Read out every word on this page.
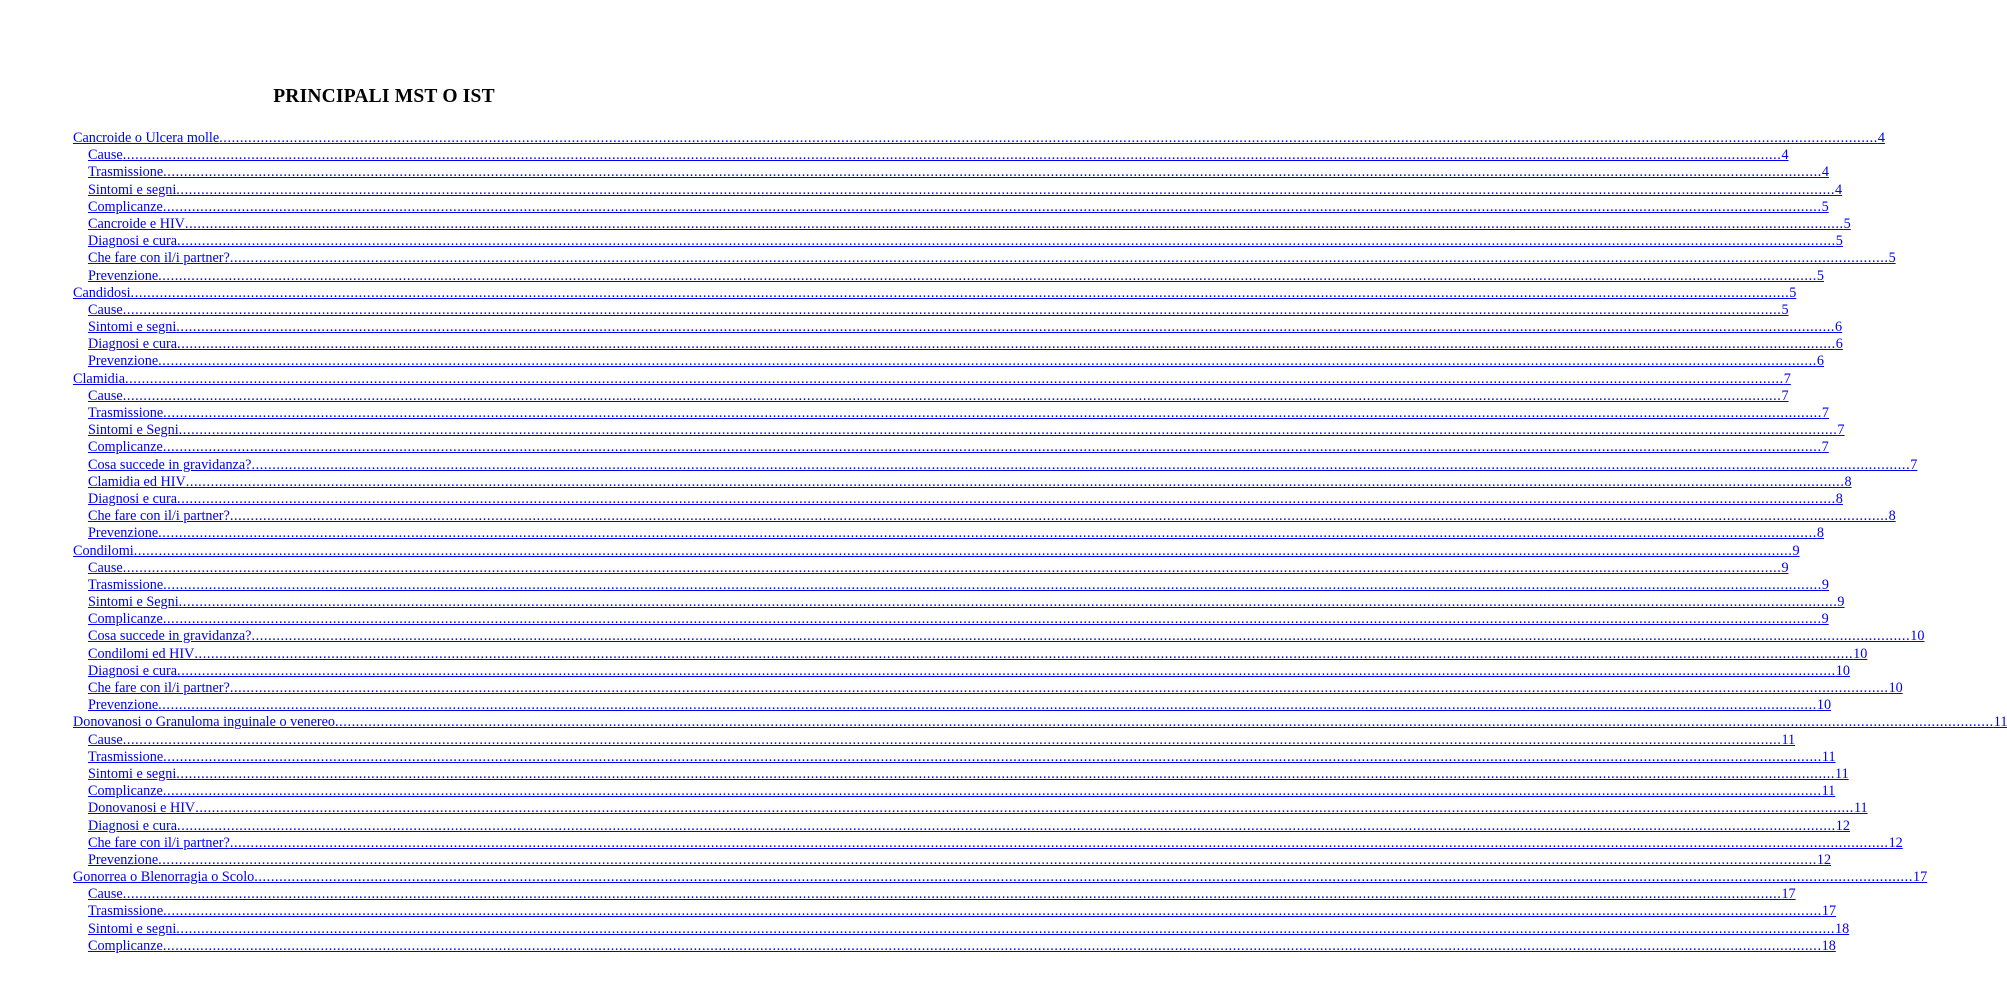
PRINCIPALI MST O IST
Cancroide o Ulcera molle ................................................................................................................................................................................................................................................................................................................................................................................................................ 4
Cause ................................................................................................................................................................................................................................................................................................................................................................................................................ 4
Trasmissione ................................................................................................................................................................................................................................................................................................................................................................................................................ 4
Sintomi e segni ................................................................................................................................................................................................................................................................................................................................................................................................................ 4
Complicanze ................................................................................................................................................................................................................................................................................................................................................................................................................ 5
Cancroide e HIV ................................................................................................................................................................................................................................................................................................................................................................................................................ 5
Diagnosi e cura ................................................................................................................................................................................................................................................................................................................................................................................................................ 5
Che fare con il/i partner? ................................................................................................................................................................................................................................................................................................................................................................................................................ 5
Prevenzione ................................................................................................................................................................................................................................................................................................................................................................................................................ 5
Candidosi ................................................................................................................................................................................................................................................................................................................................................................................................................ 5
Cause ................................................................................................................................................................................................................................................................................................................................................................................................................ 5
Sintomi e segni ................................................................................................................................................................................................................................................................................................................................................................................................................ 6
Diagnosi e cura ................................................................................................................................................................................................................................................................................................................................................................................................................ 6
Prevenzione ................................................................................................................................................................................................................................................................................................................................................................................................................ 6
Clamidia ................................................................................................................................................................................................................................................................................................................................................................................................................ 7
Cause ................................................................................................................................................................................................................................................................................................................................................................................................................ 7
Trasmissione ................................................................................................................................................................................................................................................................................................................................................................................................................ 7
Sintomi e Segni ................................................................................................................................................................................................................................................................................................................................................................................................................ 7
Complicanze ................................................................................................................................................................................................................................................................................................................................................................................................................ 7
Cosa succede in gravidanza? ................................................................................................................................................................................................................................................................................................................................................................................................................ 7
Clamidia ed HIV ................................................................................................................................................................................................................................................................................................................................................................................................................ 8
Diagnosi e cura ................................................................................................................................................................................................................................................................................................................................................................................................................ 8
Che fare con il/i partner? ................................................................................................................................................................................................................................................................................................................................................................................................................ 8
Prevenzione ................................................................................................................................................................................................................................................................................................................................................................................................................ 8
Condilomi ................................................................................................................................................................................................................................................................................................................................................................................................................ 9
Cause ................................................................................................................................................................................................................................................................................................................................................................................................................ 9
Trasmissione ................................................................................................................................................................................................................................................................................................................................................................................................................ 9
Sintomi e Segni ................................................................................................................................................................................................................................................................................................................................................................................................................ 9
Complicanze ................................................................................................................................................................................................................................................................................................................................................................................................................ 9
Cosa succede in gravidanza? ................................................................................................................................................................................................................................................................................................................................................................................................................ 10
Condilomi ed HIV ................................................................................................................................................................................................................................................................................................................................................................................................................ 10
Diagnosi e cura ................................................................................................................................................................................................................................................................................................................................................................................................................ 10
Che fare con il/i partner? ................................................................................................................................................................................................................................................................................................................................................................................................................ 10
Prevenzione ................................................................................................................................................................................................................................................................................................................................................................................................................ 10
Donovanosi o Granuloma inguinale o venereo ................................................................................................................................................................................................................................................................................................................................................................................................................ 11
Cause ................................................................................................................................................................................................................................................................................................................................................................................................................ 11
Trasmissione ................................................................................................................................................................................................................................................................................................................................................................................................................ 11
Sintomi e segni ................................................................................................................................................................................................................................................................................................................................................................................................................ 11
Complicanze ................................................................................................................................................................................................................................................................................................................................................................................................................ 11
Donovanosi e HIV ................................................................................................................................................................................................................................................................................................................................................................................................................ 11
Diagnosi e cura ................................................................................................................................................................................................................................................................................................................................................................................................................ 12
Che fare con il/i partner? ................................................................................................................................................................................................................................................................................................................................................................................................................ 12
Prevenzione ................................................................................................................................................................................................................................................................................................................................................................................................................ 12
Gonorrea o Blenorragia o Scolo ................................................................................................................................................................................................................................................................................................................................................................................................................ 17
Cause ................................................................................................................................................................................................................................................................................................................................................................................................................ 17
Trasmissione ................................................................................................................................................................................................................................................................................................................................................................................................................ 17
Sintomi e segni ................................................................................................................................................................................................................................................................................................................................................................................................................ 18
Complicanze ................................................................................................................................................................................................................................................................................................................................................................................................................ 18
